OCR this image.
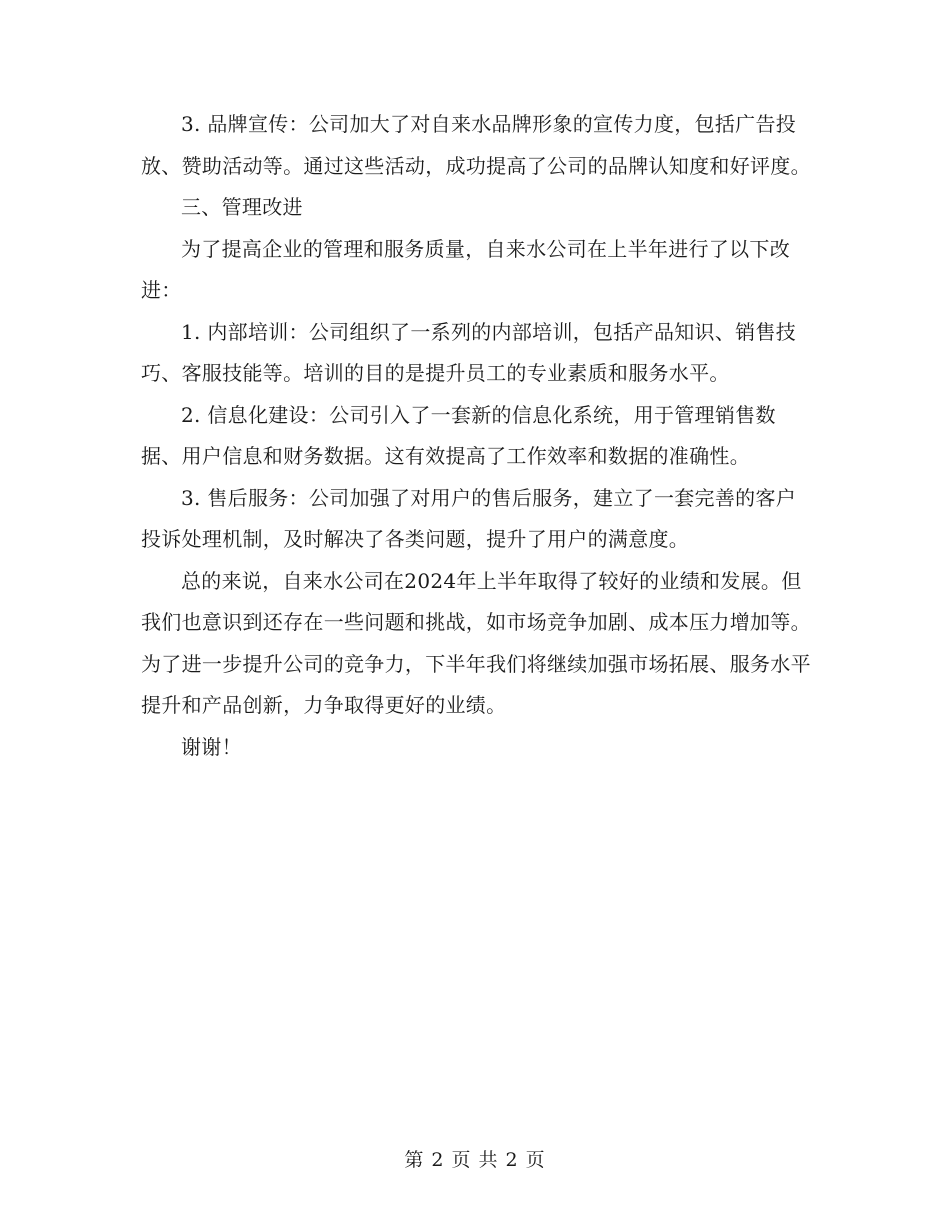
3. 品牌宣传：公司加大了对自来水品牌形象的宣传力度，包括广告投放、赞助活动等。通过这些活动，成功提高了公司的品牌认知度和好评度。

三、管理改进

为了提高企业的管理和服务质量，自来水公司在上半年进行了以下改进：

1. 内部培训：公司组织了一系列的内部培训，包括产品知识、销售技巧、客服技能等。培训的目的是提升员工的专业素质和服务水平。

2. 信息化建设：公司引入了一套新的信息化系统，用于管理销售数据、用户信息和财务数据。这有效提高了工作效率和数据的准确性。

3. 售后服务：公司加强了对用户的售后服务，建立了一套完善的客户投诉处理机制，及时解决了各类问题，提升了用户的满意度。

总的来说，自来水公司在2024年上半年取得了较好的业绩和发展。但我们也意识到还存在一些问题和挑战，如市场竞争加剧、成本压力增加等。为了进一步提升公司的竞争力，下半年我们将继续加强市场拓展、服务水平提升和产品创新，力争取得更好的业绩。

谢谢！

第 2 页 共 2 页
